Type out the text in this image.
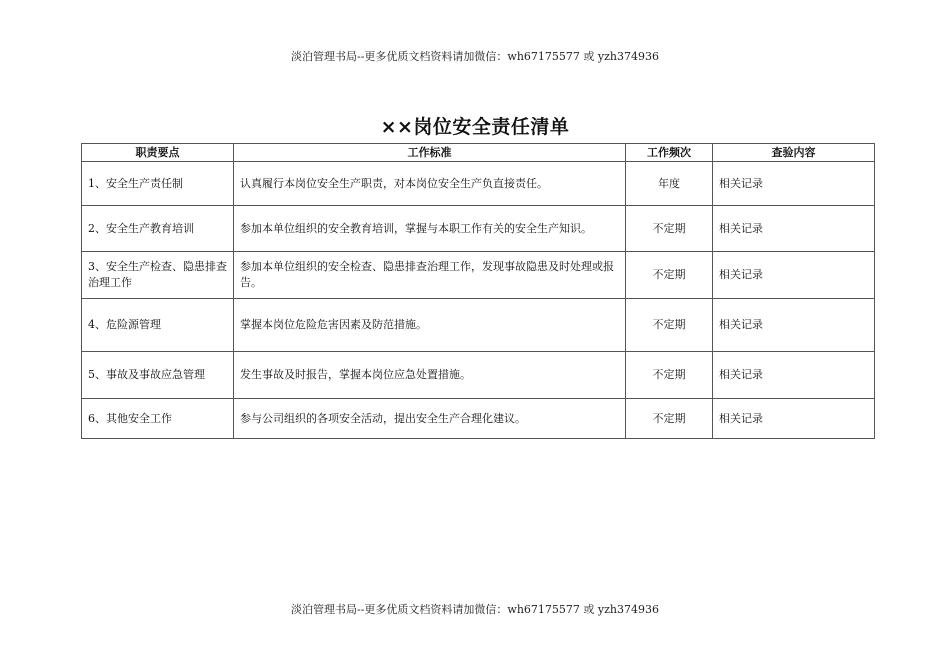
淡泊管理书局--更多优质文档资料请加微信：wh67175577 或 yzh374936
××岗位安全责任清单
职责要点	工作标准	工作频次	查验内容
1、安全生产责任制	认真履行本岗位安全生产职责，对本岗位安全生产负直接责任。	年度	相关记录
2、安全生产教育培训	参加本单位组织的安全教育培训，掌握与本职工作有关的安全生产知识。	不定期	相关记录
3、安全生产检查、隐患排查治理工作	参加本单位组织的安全检查、隐患排查治理工作，发现事故隐患及时处理或报告。	不定期	相关记录
4、危险源管理	掌握本岗位危险危害因素及防范措施。	不定期	相关记录
5、事故及事故应急管理	发生事故及时报告，掌握本岗位应急处置措施。	不定期	相关记录
6、其他安全工作	参与公司组织的各项安全活动，提出安全生产合理化建议。	不定期	相关记录
淡泊管理书局--更多优质文档资料请加微信：wh67175577 或 yzh374936
